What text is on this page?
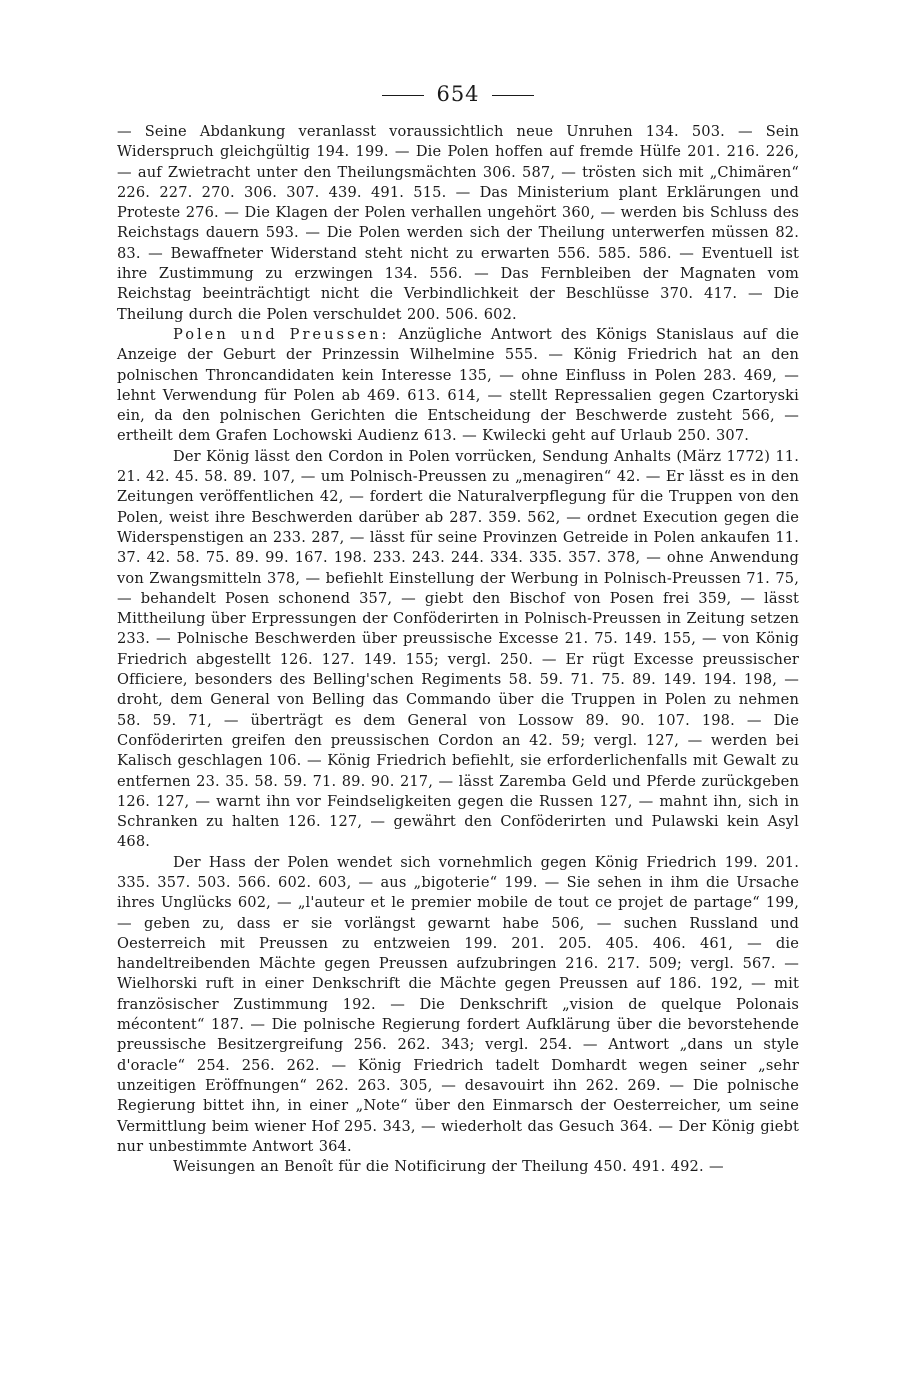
654

— Seine Abdankung veranlasst voraussichtlich neue Unruhen 134. 503. — Sein Widerspruch gleichgültig 194. 199. — Die Polen hoffen auf fremde Hülfe 201. 216. 226, — auf Zwietracht unter den Theilungsmächten 306. 587, — trösten sich mit „Chimären“ 226. 227. 270. 306. 307. 439. 491. 515. — Das Ministerium plant Erklärungen und Proteste 276. — Die Klagen der Polen verhallen ungehört 360, — werden bis Schluss des Reichstags dauern 593. — Die Polen werden sich der Theilung unterwerfen müssen 82. 83. — Bewaffneter Widerstand steht nicht zu erwarten 556. 585. 586. — Eventuell ist ihre Zustimmung zu erzwingen 134. 556. — Das Fernbleiben der Magnaten vom Reichstag beeinträchtigt nicht die Verbindlichkeit der Beschlüsse 370. 417. — Die Theilung durch die Polen verschuldet 200. 506. 602.

Polen und Preussen: Anzügliche Antwort des Königs Stanislaus auf die Anzeige der Geburt der Prinzessin Wilhelmine 555. — König Friedrich hat an den polnischen Throncandidaten kein Interesse 135, — ohne Einfluss in Polen 283. 469, — lehnt Verwendung für Polen ab 469. 613. 614, — stellt Repressalien gegen Czartoryski ein, da den polnischen Gerichten die Entscheidung der Beschwerde zusteht 566, — ertheilt dem Grafen Lochowski Audienz 613. — Kwilecki geht auf Urlaub 250. 307.

Der König lässt den Cordon in Polen vorrücken, Sendung Anhalts (März 1772) 11. 21. 42. 45. 58. 89. 107, — um Polnisch-Preussen zu „menagiren“ 42. — Er lässt es in den Zeitungen veröffentlichen 42, — fordert die Naturalverpflegung für die Truppen von den Polen, weist ihre Beschwerden darüber ab 287. 359. 562, — ordnet Execution gegen die Widerspenstigen an 233. 287, — lässt für seine Provinzen Getreide in Polen ankaufen 11. 37. 42. 58. 75. 89. 99. 167. 198. 233. 243. 244. 334. 335. 357. 378, — ohne Anwendung von Zwangsmitteln 378, — befiehlt Einstellung der Werbung in Polnisch-Preussen 71. 75, — behandelt Posen schonend 357, — giebt den Bischof von Posen frei 359, — lässt Mittheilung über Erpressungen der Conföderirten in Polnisch-Preussen in Zeitung setzen 233. — Polnische Beschwerden über preussische Excesse 21. 75. 149. 155, — von König Friedrich abgestellt 126. 127. 149. 155; vergl. 250. — Er rügt Excesse preussischer Officiere, besonders des Belling'schen Regiments 58. 59. 71. 75. 89. 149. 194. 198, — droht, dem General von Belling das Commando über die Truppen in Polen zu nehmen 58. 59. 71, — überträgt es dem General von Lossow 89. 90. 107. 198. — Die Conföderirten greifen den preussischen Cordon an 42. 59; vergl. 127, — werden bei Kalisch geschlagen 106. — König Friedrich befiehlt, sie erforderlichenfalls mit Gewalt zu entfernen 23. 35. 58. 59. 71. 89. 90. 217, — lässt Zaremba Geld und Pferde zurückgeben 126. 127, — warnt ihn vor Feindseligkeiten gegen die Russen 127, — mahnt ihn, sich in Schranken zu halten 126. 127, — gewährt den Conföderirten und Pulawski kein Asyl 468.

Der Hass der Polen wendet sich vornehmlich gegen König Friedrich 199. 201. 335. 357. 503. 566. 602. 603, — aus „bigoterie“ 199. — Sie sehen in ihm die Ursache ihres Unglücks 602, — „l'auteur et le premier mobile de tout ce projet de partage“ 199, — geben zu, dass er sie vorlängst gewarnt habe 506, — suchen Russland und Oesterreich mit Preussen zu entzweien 199. 201. 205. 405. 406. 461, — die handeltreibenden Mächte gegen Preussen aufzubringen 216. 217. 509; vergl. 567. — Wielhorski ruft in einer Denkschrift die Mächte gegen Preussen auf 186. 192, — mit französischer Zustimmung 192. — Die Denkschrift „vision de quelque Polonais mécontent“ 187. — Die polnische Regierung fordert Aufklärung über die bevorstehende preussische Besitzergreifung 256. 262. 343; vergl. 254. — Antwort „dans un style d'oracle“ 254. 256. 262. — König Friedrich tadelt Domhardt wegen seiner „sehr unzeitigen Eröffnungen“ 262. 263. 305, — desavouirt ihn 262. 269. — Die polnische Regierung bittet ihn, in einer „Note“ über den Einmarsch der Oesterreicher, um seine Vermittlung beim wiener Hof 295. 343, — wiederholt das Gesuch 364. — Der König giebt nur unbestimmte Antwort 364.

Weisungen an Benoît für die Notificirung der Theilung 450. 491. 492. —
